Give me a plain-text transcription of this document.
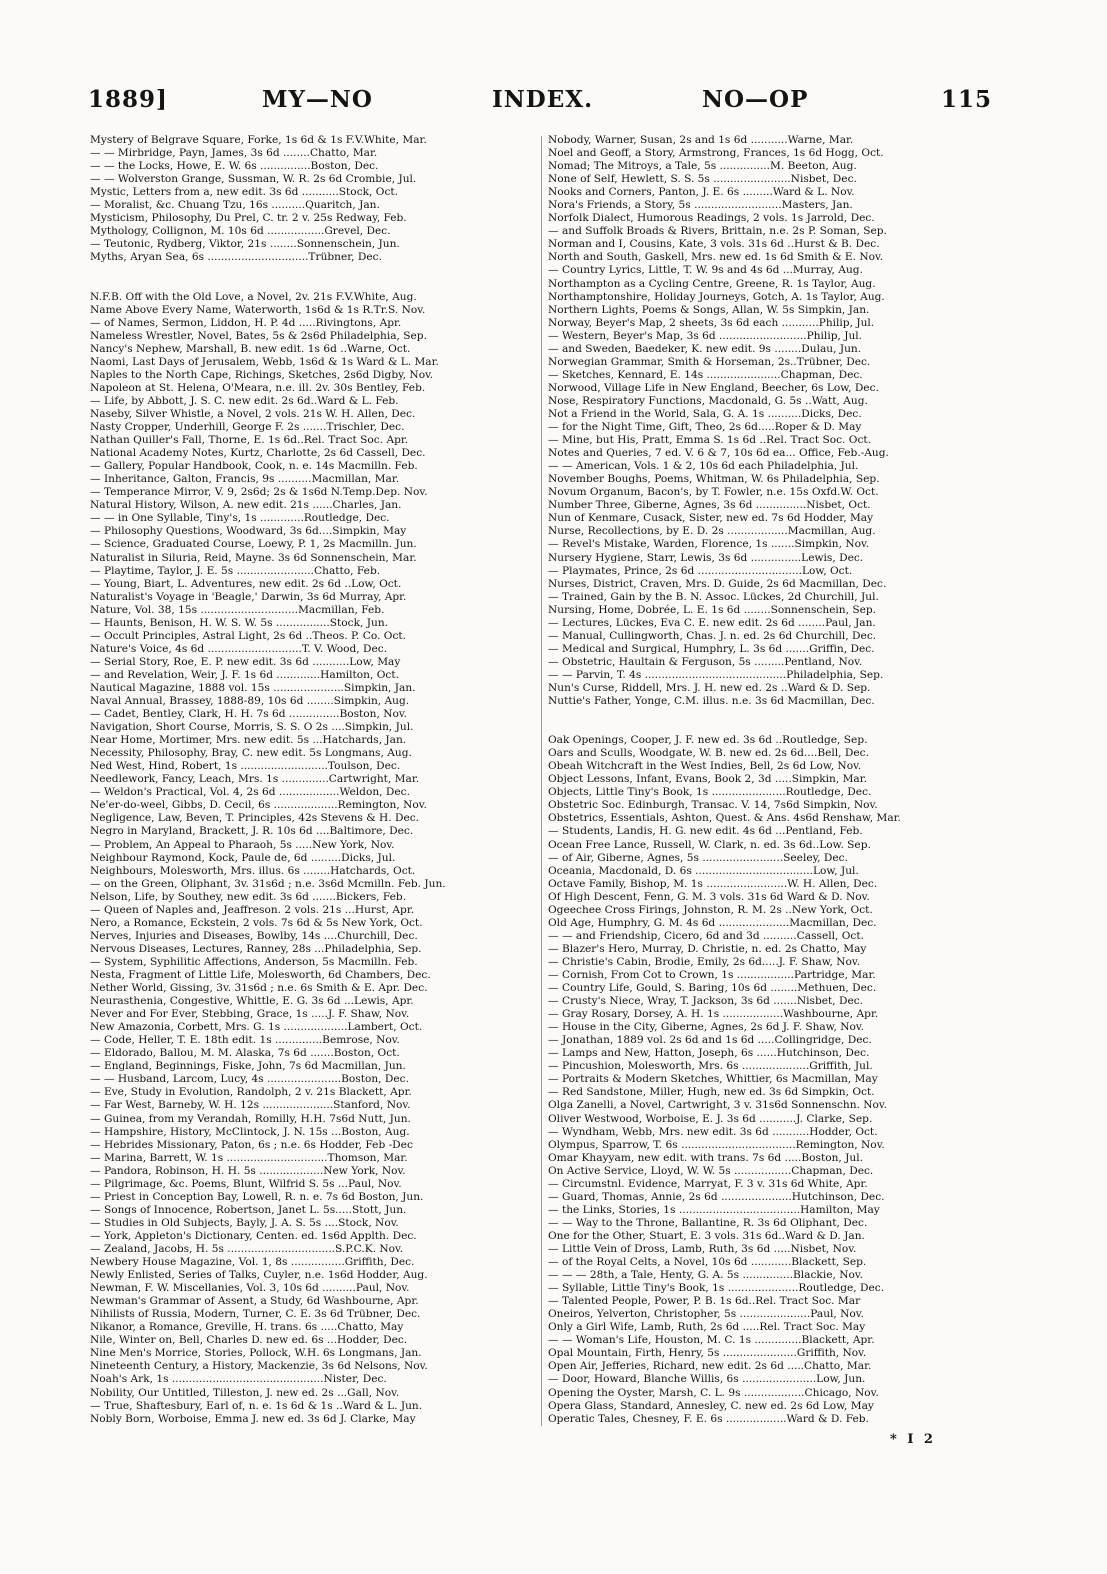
1889]	MY—NO	INDEX.	NO—OP	115
Mystery of Belgrave Square, Forke, 1s 6d & 1s F.V.White, Mar.
— — Mirbridge, Payn, James, 3s 6d ........Chatto, Mar.
— — the Locks, Howe, E. W. 6s ...............Boston, Dec.
— — Wolverston Grange, Sussman, W. R. 2s 6d Crombie, Jul.
Mystic, Letters from a, new edit. 3s 6d ...........Stock, Oct.
— Moralist, &c. Chuang Tzu, 16s ..........Quaritch, Jan.
Mysticism, Philosophy, Du Prel, C. tr. 2 v. 25s Redway, Feb.
Mythology, Collignon, M. 10s 6d .................Grevel, Dec.
— Teutonic, Rydberg, Viktor, 21s ........Sonnenschein, Jun.
Myths, Aryan Sea, 6s ..............................Trübner, Dec.
N.F.B. Off with the Old Love, a Novel, 2v. 21s F.V.White, Aug.
Name Above Every Name, Waterworth, 1s6d & 1s R.Tr.S. Nov.
— of Names, Sermon, Liddon, H. P. 4d .....Rivingtons, Apr.
Nameless Wrestler, Novel, Bates, 5s & 2s6d Philadelphia, Sep.
Nancy's Nephew, Marshall, B. new edit. 1s 6d ..Warne, Oct.
Naomi, Last Days of Jerusalem, Webb, 1s6d & 1s Ward & L. Mar.
Naples to the North Cape, Richings, Sketches, 2s6d Digby, Nov.
Napoleon at St. Helena, O'Meara, n.e. ill. 2v. 30s Bentley, Feb.
— Life, by Abbott, J. S. C. new edit. 2s 6d..Ward & L. Feb.
Naseby, Silver Whistle, a Novel, 2 vols. 21s W. H. Allen, Dec.
Nasty Cropper, Underhill, George F. 2s .......Trischler, Dec.
Nathan Quiller's Fall, Thorne, E. 1s 6d..Rel. Tract Soc. Apr.
National Academy Notes, Kurtz, Charlotte, 2s 6d Cassell, Dec.
— Gallery, Popular Handbook, Cook, n. e. 14s Macmilln. Feb.
— Inheritance, Galton, Francis, 9s ..........Macmillan, Mar.
— Temperance Mirror, V. 9, 2s6d; 2s & 1s6d N.Temp.Dep. Nov.
Natural History, Wilson, A. new edit. 21s ......Charles, Jan.
— — in One Syllable, Tiny's, 1s .............Routledge, Dec.
— Philosophy Questions, Woodward, 3s 6d....Simpkin, May
— Science, Graduated Course, Loewy, P. 1, 2s Macmilln. Jun.
Naturalist in Siluria, Reid, Mayne. 3s 6d Sonnenschein, Mar.
— Playtime, Taylor, J. E. 5s .......................Chatto, Feb.
— Young, Biart, L. Adventures, new edit. 2s 6d ..Low, Oct.
Naturalist's Voyage in 'Beagle,' Darwin, 3s 6d Murray, Apr.
Nature, Vol. 38, 15s .............................Macmillan, Feb.
— Haunts, Benison, H. W. S. W. 5s ................Stock, Jun.
— Occult Principles, Astral Light, 2s 6d ..Theos. P. Co. Oct.
Nature's Voice, 4s 6d ............................T. V. Wood, Dec.
— Serial Story, Roe, E. P. new edit. 3s 6d ...........Low, May
— and Revelation, Weir, J. F. 1s 6d .............Hamilton, Oct.
Nautical Magazine, 1888 vol. 15s .....................Simpkin, Jan.
Naval Annual, Brassey, 1888-89, 10s 6d ........Simpkin, Aug.
— Cadet, Bentley, Clark, H. H. 7s 6d ...............Boston, Nov.
Navigation, Short Course, Morris, S. S. O 2s ....Simpkin, Jul.
Near Home, Mortimer, Mrs. new edit. 5s ...Hatchards, Jan.
Necessity, Philosophy, Bray, C. new edit. 5s Longmans, Aug.
Ned West, Hind, Robert, 1s ..........................Toulson, Dec.
Needlework, Fancy, Leach, Mrs. 1s ..............Cartwright, Mar.
— Weldon's Practical, Vol. 4, 2s 6d ..................Weldon, Dec.
Ne'er-do-weel, Gibbs, D. Cecil, 6s ...................Remington, Nov.
Negligence, Law, Beven, T. Principles, 42s Stevens & H. Dec.
Negro in Maryland, Brackett, J. R. 10s 6d ....Baltimore, Dec.
— Problem, An Appeal to Pharaoh, 5s .....New York, Nov.
Neighbour Raymond, Kock, Paule de, 6d .........Dicks, Jul.
Neighbours, Molesworth, Mrs. illus. 6s ........Hatchards, Oct.
— on the Green, Oliphant, 3v. 31s6d ; n.e. 3s6d Mcmilln. Feb. Jun.
Nelson, Life, by Southey, new edit. 3s 6d .......Bickers, Feb.
— Queen of Naples and, Jeaffreson. 2 vols. 21s ...Hurst, Apr.
Nero, a Romance, Eckstein, 2 vols. 7s 6d & 5s New York, Oct.
Nerves, Injuries and Diseases, Bowlby, 14s ....Churchill, Dec.
Nervous Diseases, Lectures, Ranney, 28s ...Philadelphia, Sep.
— System, Syphilitic Affections, Anderson, 5s Macmilln. Feb.
Nesta, Fragment of Little Life, Molesworth, 6d Chambers, Dec.
Nether World, Gissing, 3v. 31s6d ; n.e. 6s Smith & E. Apr. Dec.
Neurasthenia, Congestive, Whittle, E. G. 3s 6d ...Lewis, Apr.
Never and For Ever, Stebbing, Grace, 1s .....J. F. Shaw, Nov.
New Amazonia, Corbett, Mrs. G. 1s ...................Lambert, Oct.
— Code, Heller, T. E. 18th edit. 1s ..............Bemrose, Nov.
— Eldorado, Ballou, M. M. Alaska, 7s 6d .......Boston, Oct.
— England, Beginnings, Fiske, John, 7s 6d Macmillan, Jun.
— — Husband, Larcom, Lucy, 4s ......................Boston, Dec.
— Eve, Study in Evolution, Randolph, 2 v. 21s Blackett, Apr.
— Far West, Barneby, W. H. 12s .....................Stanford, Nov.
— Guinea, from my Verandah, Romilly, H.H. 7s6d Nutt, Jun.
— Hampshire, History, McClintock, J. N. 15s ...Boston, Aug.
— Hebrides Missionary, Paton, 6s ; n.e. 6s Hodder, Feb -Dec
— Marina, Barrett, W. 1s ..............................Thomson, Mar.
— Pandora, Robinson, H. H. 5s ...................New York, Nov.
— Pilgrimage, &c. Poems, Blunt, Wilfrid S. 5s ...Paul, Nov.
— Priest in Conception Bay, Lowell, R. n. e. 7s 6d Boston, Jun.
— Songs of Innocence, Robertson, Janet L. 5s.....Stott, Jun.
— Studies in Old Subjects, Bayly, J. A. S. 5s ....Stock, Nov.
— York, Appleton's Dictionary, Centen. ed. 1s6d Applth. Dec.
— Zealand, Jacobs, H. 5s ................................S.P.C.K. Nov.
Newbery House Magazine, Vol. 1, 8s ................Griffith, Dec.
Newly Enlisted, Series of Talks, Cuyler, n.e. 1s6d Hodder, Aug.
Newman, F. W. Miscellanies, Vol. 3, 10s 6d ..........Paul, Nov.
Newman's Grammar of Assent, a Study, 6d Washbourne, Apr.
Nihilists of Russia, Modern, Turner, C. E. 3s 6d Trübner, Dec.
Nikanor, a Romance, Greville, H. trans. 6s .....Chatto, May
Nile, Winter on, Bell, Charles D. new ed. 6s ...Hodder, Dec.
Nine Men's Morrice, Stories, Pollock, W.H. 6s Longmans, Jan.
Nineteenth Century, a History, Mackenzie, 3s 6d Nelsons, Nov.
Noah's Ark, 1s .............................................Nister, Dec.
Nobility, Our Untitled, Tilleston, J. new ed. 2s ...Gall, Nov.
— True, Shaftesbury, Earl of, n. e. 1s 6d & 1s ..Ward & L. Jun.
Nobly Born, Worboise, Emma J. new ed. 3s 6d J. Clarke, May
Nobody, Warner, Susan, 2s and 1s 6d ...........Warne, Mar.
Noel and Geoff, a Story, Armstrong, Frances, 1s 6d Hogg, Oct.
Nomad; The Mitroys, a Tale, 5s ...............M. Beeton, Aug.
None of Self, Hewlett, S. S. 5s .......................Nisbet, Dec.
Nooks and Corners, Panton, J. E. 6s .........Ward & L. Nov.
Nora's Friends, a Story, 5s ..........................Masters, Jan.
Norfolk Dialect, Humorous Readings, 2 vols. 1s Jarrold, Dec.
— and Suffolk Broads & Rivers, Brittain, n.e. 2s P. Soman, Sep.
Norman and I, Cousins, Kate, 3 vols. 31s 6d ..Hurst & B. Dec.
North and South, Gaskell, Mrs. new ed. 1s 6d Smith & E. Nov.
— Country Lyrics, Little, T. W. 9s and 4s 6d ...Murray, Aug.
Northampton as a Cycling Centre, Greene, R. 1s Taylor, Aug.
Northamptonshire, Holiday Journeys, Gotch, A. 1s Taylor, Aug.
Northern Lights, Poems & Songs, Allan, W. 5s Simpkin, Jan.
Norway, Beyer's Map, 2 sheets, 3s 6d each ...........Philip, Jul.
— Western, Beyer's Map, 3s 6d ..........................Philip, Jul.
— and Sweden, Baedeker, K. new edit. 9s ........Dulau, Jun.
Norwegian Grammar, Smith & Horseman, 2s..Trübner, Dec.
— Sketches, Kennard, E. 14s ......................Chapman, Dec.
Norwood, Village Life in New England, Beecher, 6s Low, Dec.
Nose, Respiratory Functions, Macdonald, G. 5s ..Watt, Aug.
Not a Friend in the World, Sala, G. A. 1s ..........Dicks, Dec.
— for the Night Time, Gift, Theo, 2s 6d.....Roper & D. May
— Mine, but His, Pratt, Emma S. 1s 6d ..Rel. Tract Soc. Oct.
Notes and Queries, 7 ed. V. 6 & 7, 10s 6d ea... Office, Feb.-Aug.
— — American, Vols. 1 & 2, 10s 6d each Philadelphia, Jul.
November Boughs, Poems, Whitman, W. 6s Philadelphia, Sep.
Novum Organum, Bacon's, by T. Fowler, n.e. 15s Oxfd.W. Oct.
Number Three, Giberne, Agnes, 3s 6d ...............Nisbet, Oct.
Nun of Kenmare, Cusack, Sister, new ed. 7s 6d Hodder, May
Nurse, Recollections, by E. D. 2s ..................Macmillan, Aug.
— Revel's Mistake, Warden, Florence, 1s .......Simpkin, Nov.
Nursery Hygiene, Starr, Lewis, 3s 6d ...............Lewis, Dec.
— Playmates, Prince, 2s 6d ...............................Low, Oct.
Nurses, District, Craven, Mrs. D. Guide, 2s 6d Macmillan, Dec.
— Trained, Gain by the B. N. Assoc. Lückes, 2d Churchill, Jul.
Nursing, Home, Dobrée, L. E. 1s 6d ........Sonnenschein, Sep.
— Lectures, Lückes, Eva C. E. new edit. 2s 6d ........Paul, Jan.
— Manual, Cullingworth, Chas. J. n. ed. 2s 6d Churchill, Dec.
— Medical and Surgical, Humphry, L. 3s 6d .......Griffin, Dec.
— Obstetric, Haultain & Ferguson, 5s .........Pentland, Nov.
— — Parvin, T. 4s ..........................................Philadelphia, Sep.
Nun's Curse, Riddell, Mrs. J. H. new ed. 2s ..Ward & D. Sep.
Nuttie's Father, Yonge, C.M. illus. n.e. 3s 6d Macmillan, Dec.
Oak Openings, Cooper, J. F. new ed. 3s 6d ..Routledge, Sep.
Oars and Sculls, Woodgate, W. B. new ed. 2s 6d....Bell, Dec.
Obeah Witchcraft in the West Indies, Bell, 2s 6d Low, Nov.
Object Lessons, Infant, Evans, Book 2, 3d .....Simpkin, Mar.
Objects, Little Tiny's Book, 1s ......................Routledge, Dec.
Obstetric Soc. Edinburgh, Transac. V. 14, 7s6d Simpkin, Nov.
Obstetrics, Essentials, Ashton, Quest. & Ans. 4s6d Renshaw, Mar.
— Students, Landis, H. G. new edit. 4s 6d ...Pentland, Feb.
Ocean Free Lance, Russell, W. Clark, n. ed. 3s 6d..Low. Sep.
— of Air, Giberne, Agnes, 5s ........................Seeley, Dec.
Oceania, Macdonald, D. 6s ...................................Low, Jul.
Octave Family, Bishop, M. 1s ........................W. H. Allen, Dec.
Of High Descent, Fenn, G. M. 3 vols. 31s 6d Ward & D. Nov.
Ogeechee Cross Firings, Johnston, R. M. 2s ..New York, Oct.
Old Age, Humphry, G. M. 4s 6d .....................Macmillan, Dec.
— — and Friendship, Cicero, 6d and 3d ..........Cassell, Oct.
— Blazer's Hero, Murray, D. Christie, n. ed. 2s Chatto, May
— Christie's Cabin, Brodie, Emily, 2s 6d.....J. F. Shaw, Nov.
— Cornish, From Cot to Crown, 1s .................Partridge, Mar.
— Country Life, Gould, S. Baring, 10s 6d ........Methuen, Dec.
— Crusty's Niece, Wray, T. Jackson, 3s 6d .......Nisbet, Dec.
— Gray Rosary, Dorsey, A. H. 1s ..................Washbourne, Apr.
— House in the City, Giberne, Agnes, 2s 6d J. F. Shaw, Nov.
— Jonathan, 1889 vol. 2s 6d and 1s 6d .....Collingridge, Dec.
— Lamps and New, Hatton, Joseph, 6s ......Hutchinson, Dec.
— Pincushion, Molesworth, Mrs. 6s ....................Griffith, Jul.
— Portraits & Modern Sketches, Whittier, 6s Macmillan, May
— Red Sandstone, Miller, Hugh, new ed. 3s 6d Simpkin, Oct.
Olga Zanelli, a Novel, Cartwright, 3 v. 31s6d Sonnenschn. Nov.
Oliver Westwood, Worboise, E. J. 3s 6d ...........J. Clarke, Sep.
— Wyndham, Webb, Mrs. new edit. 3s 6d ...........Hodder, Oct.
Olympus, Sparrow, T. 6s ..................................Remington, Nov.
Omar Khayyam, new edit. with trans. 7s 6d .....Boston, Jul.
On Active Service, Lloyd, W. W. 5s .................Chapman, Dec.
— Circumstnl. Evidence, Marryat, F. 3 v. 31s 6d White, Apr.
— Guard, Thomas, Annie, 2s 6d .....................Hutchinson, Dec.
— the Links, Stories, 1s ....................................Hamilton, May
— — Way to the Throne, Ballantine, R. 3s 6d Oliphant, Dec.
One for the Other, Stuart, E. 3 vols. 31s 6d..Ward & D. Jan.
— Little Vein of Dross, Lamb, Ruth, 3s 6d .....Nisbet, Nov.
— of the Royal Celts, a Novel, 10s 6d ............Blackett, Sep.
— — — 28th, a Tale, Henty, G. A. 5s ...............Blackie, Nov.
— Syllable, Little Tiny's Book, 1s .....................Routledge, Dec.
— Talented People, Power, P. B. 1s 6d..Rel. Tract Soc. Mar
Oneiros, Yelverton, Christopher, 5s .....................Paul, Nov.
Only a Girl Wife, Lamb, Ruth, 2s 6d .....Rel. Tract Soc. May
— — Woman's Life, Houston, M. C. 1s ..............Blackett, Apr.
Opal Mountain, Firth, Henry, 5s ......................Griffith, Nov.
Open Air, Jefferies, Richard, new edit. 2s 6d .....Chatto, Mar.
— Door, Howard, Blanche Willis, 6s ......................Low, Jun.
Opening the Oyster, Marsh, C. L. 9s ..................Chicago, Nov.
Opera Glass, Standard, Annesley, C. new ed. 2s 6d Low, May
Operatic Tales, Chesney, F. E. 6s ..................Ward & D. Feb.
* I 2
